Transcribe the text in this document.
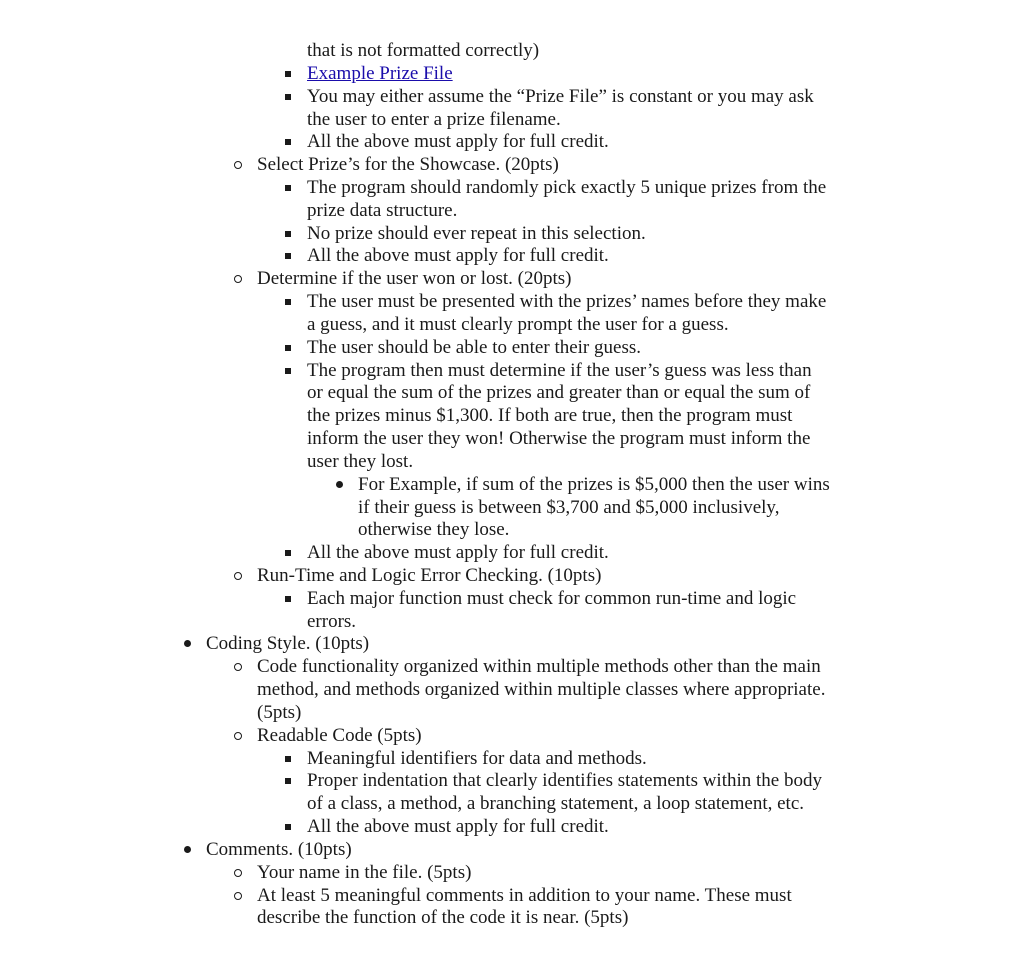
that is not formatted correctly)
Example Prize File
You may either assume the “Prize File” is constant or you may ask
the user to enter a prize filename.
All the above must apply for full credit.
Select Prize’s for the Showcase. (20pts)
The program should randomly pick exactly 5 unique prizes from the
prize data structure.
No prize should ever repeat in this selection.
All the above must apply for full credit.
Determine if the user won or lost. (20pts)
The user must be presented with the prizes’ names before they make
a guess, and it must clearly prompt the user for a guess.
The user should be able to enter their guess.
The program then must determine if the user’s guess was less than
or equal the sum of the prizes and greater than or equal the sum of
the prizes minus $1,300. If both are true, then the program must
inform the user they won! Otherwise the program must inform the
user they lost.
For Example, if sum of the prizes is $5,000 then the user wins
if their guess is between $3,700 and $5,000 inclusively,
otherwise they lose.
All the above must apply for full credit.
Run-Time and Logic Error Checking. (10pts)
Each major function must check for common run-time and logic
errors.
Coding Style. (10pts)
Code functionality organized within multiple methods other than the main
method, and methods organized within multiple classes where appropriate.
(5pts)
Readable Code (5pts)
Meaningful identifiers for data and methods.
Proper indentation that clearly identifies statements within the body
of a class, a method, a branching statement, a loop statement, etc.
All the above must apply for full credit.
Comments. (10pts)
Your name in the file. (5pts)
At least 5 meaningful comments in addition to your name. These must
describe the function of the code it is near. (5pts)
